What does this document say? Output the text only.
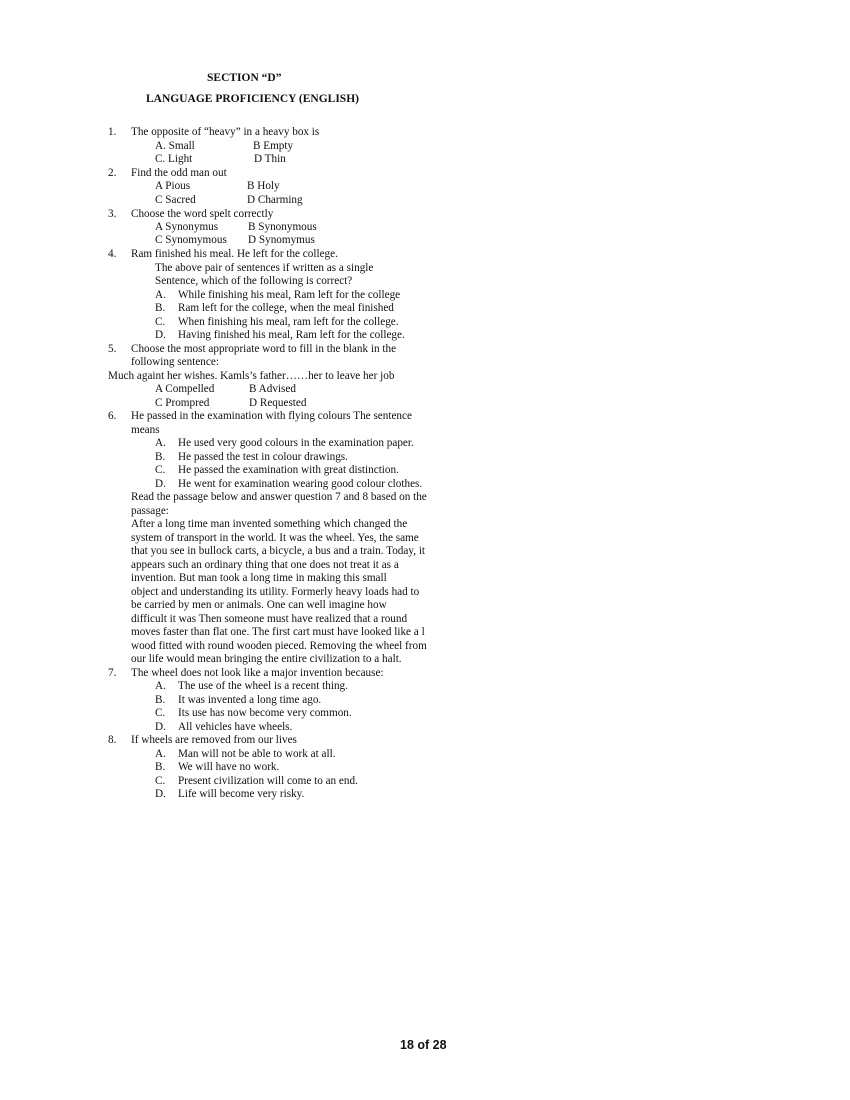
SECTION “D”
LANGUAGE PROFICIENCY (ENGLISH)
1. The opposite of “heavy” in a heavy box is
A. Small	B Empty
C. Light	D Thin
2. Find the odd man out
A Pious	B Holy
C Sacred	D Charming
3. Choose the word spelt correctly
A Synonymus	B Synonymous
C Synomymous D Synomymus
4. Ram finished his meal. He left for the college.
The above pair of sentences if written as a single
Sentence, which of the following is correct?
A. While finishing his meal, Ram left for the college
B. Ram left for the college, when the meal finished
C. When finishing his meal, ram left for the college.
D. Having finished his meal, Ram left for the college.
5. Choose the most appropriate word to fill in the blank in the
following sentence:
Much againt her wishes. Kamls’s father……her to leave her job
A Compelled	B Advised
C Prompred	D Requested
6. He passed in the examination with flying colours The sentence
means
A. He used very good colours in the examination paper.
B. He passed the test in colour drawings.
C. He passed the examination with great distinction.
D. He went for examination wearing good colour clothes.
Read the passage below and answer question 7 and 8 based on the
passage:
After a long time man invented something which changed the
system of transport in the world. It was the wheel. Yes, the same
that you see in bullock carts, a bicycle, a bus and a train. Today, it
appears such an ordinary thing that one does not treat it as a
invention. But man took a long time in making this small
object and understanding its utility. Formerly heavy loads had to
be carried by men or animals. One can well imagine how
difficult it was Then someone must have realized that a round
moves faster than flat one. The first cart must have looked like a l
wood fitted with round wooden pieced. Removing the wheel from
our life would mean bringing the entire civilization to a halt.
7. The wheel does not look like a major invention because:
A. The use of the wheel is a recent thing.
B. It was invented a long time ago.
C. Its use has now become very common.
D. All vehicles have wheels.
8. If wheels are removed from our lives
A. Man will not be able to work at all.
B. We will have no work.
C. Present civilization will come to an end.
D. Life will become very risky.
18 of 28
